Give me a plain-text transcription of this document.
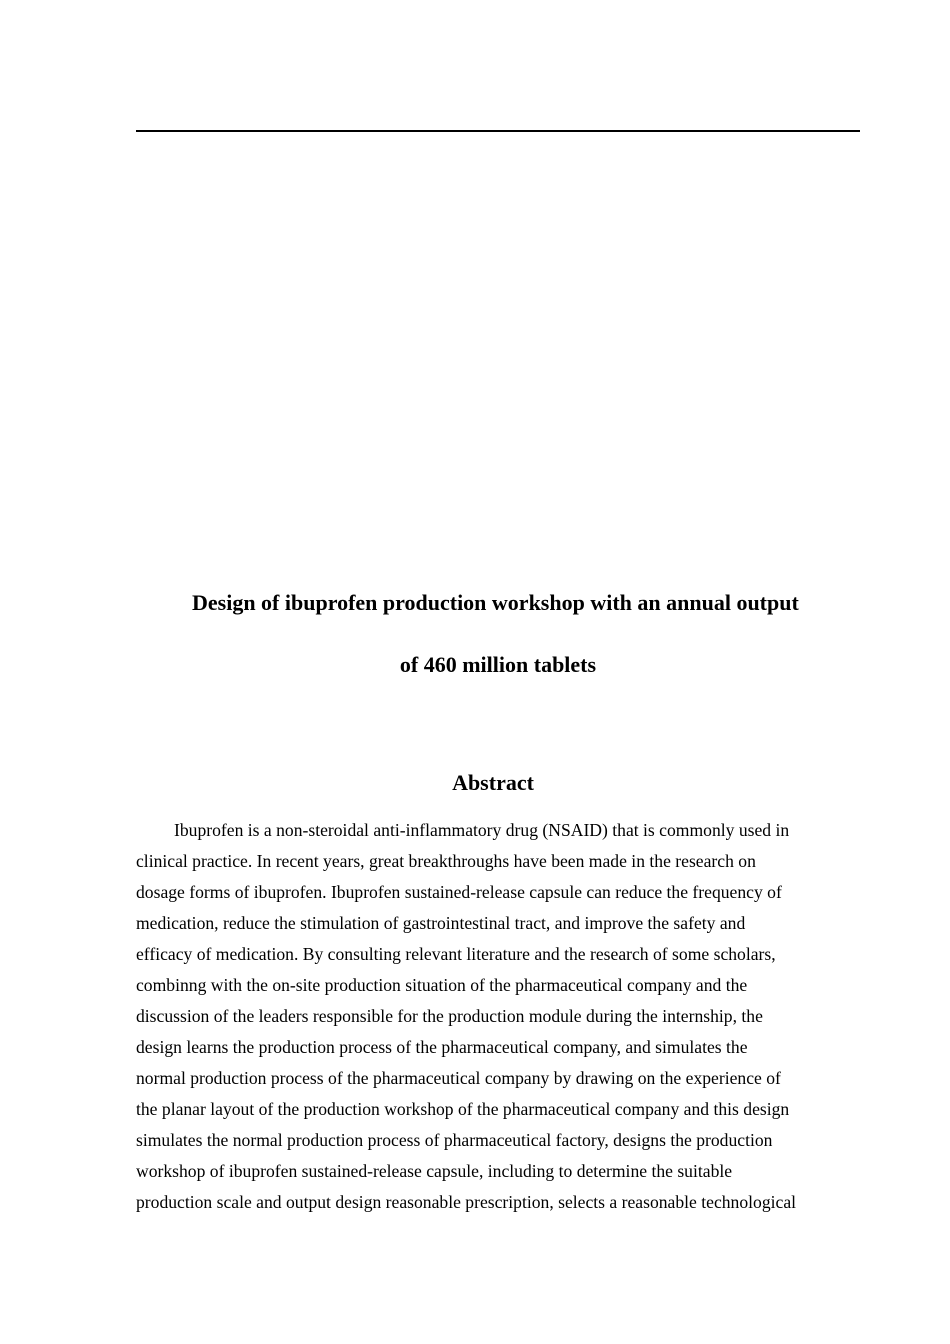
Design of ibuprofen production workshop with an annual output
of 460 million tablets
Abstract
Ibuprofen is a non-steroidal anti-inflammatory drug (NSAID) that is commonly used in
clinical practice. In recent years, great breakthroughs have been made in the research on
dosage forms of ibuprofen. Ibuprofen sustained-release capsule can reduce the frequency of
medication, reduce the stimulation of gastrointestinal tract, and improve the safety and
efficacy of medication. By consulting relevant literature and the research of some scholars,
combinng with the on-site production situation of the pharmaceutical company and the
discussion of the leaders responsible for the production module during the internship, the
design learns the production process of the pharmaceutical company, and simulates the
normal production process of the pharmaceutical company by drawing on the experience of
the planar layout of the production workshop of the pharmaceutical company and this design
simulates the normal production process of pharmaceutical factory, designs the production
workshop of ibuprofen sustained-release capsule, including to determine the suitable
production scale and output design reasonable prescription, selects a reasonable technological
